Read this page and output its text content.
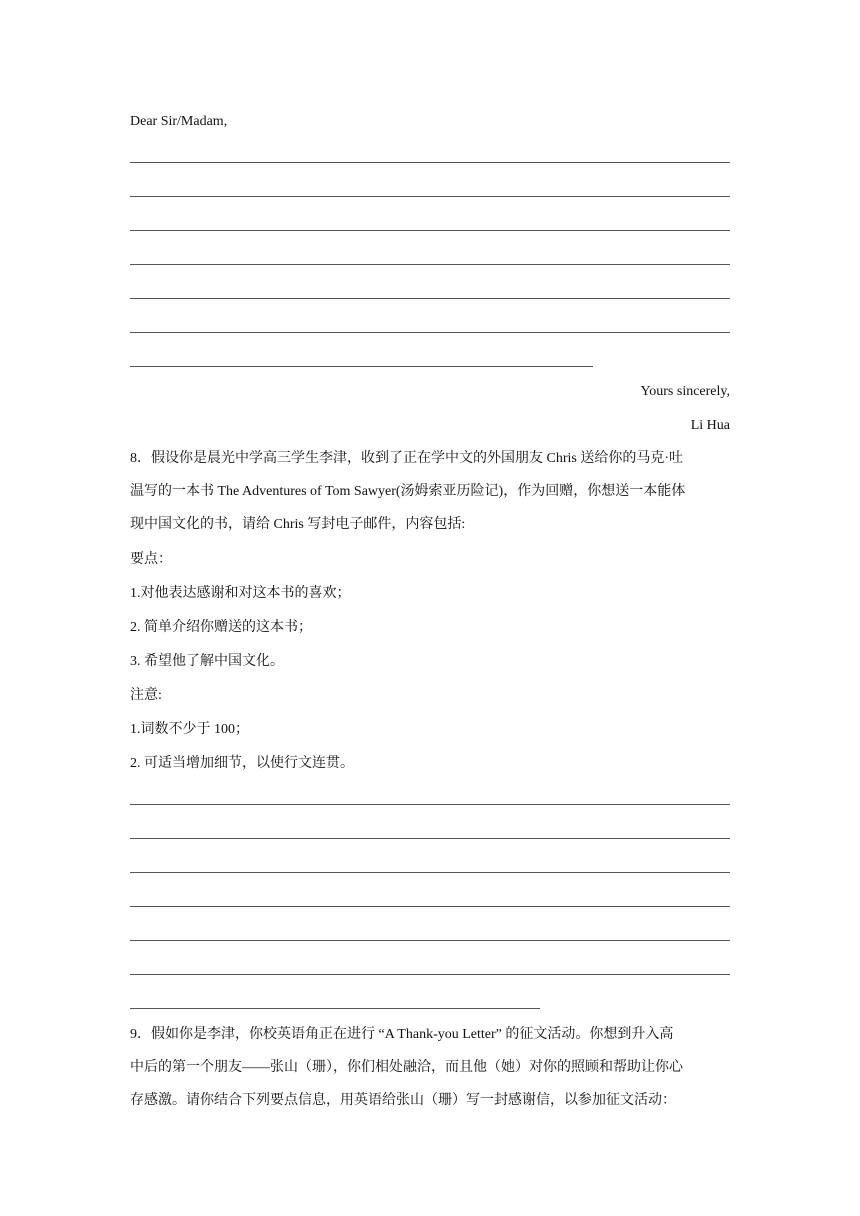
Dear Sir/Madam,
Yours sincerely,
Li Hua
8．假设你是晨光中学高三学生李津，收到了正在学中文的外国朋友 Chris 送给你的马克·吐
温写的一本书 The Adventures of Tom Sawyer(汤姆索亚历险记)，作为回赠，你想送一本能体
现中国文化的书，请给 Chris 写封电子邮件，内容包括:
要点：
1.对他表达感谢和对这本书的喜欢；
2. 简单介绍你赠送的这本书；
3. 希望他了解中国文化。
注意:
1.词数不少于 100；
2. 可适当增加细节，以使行文连贯。
9．假如你是李津，你校英语角正在进行 “A Thank-you Letter” 的征文活动。你想到升入高
中后的第一个朋友——张山（珊），你们相处融洽，而且他（她）对你的照顾和帮助让你心
存感激。请你结合下列要点信息，用英语给张山（珊）写一封感谢信，以参加征文活动：
